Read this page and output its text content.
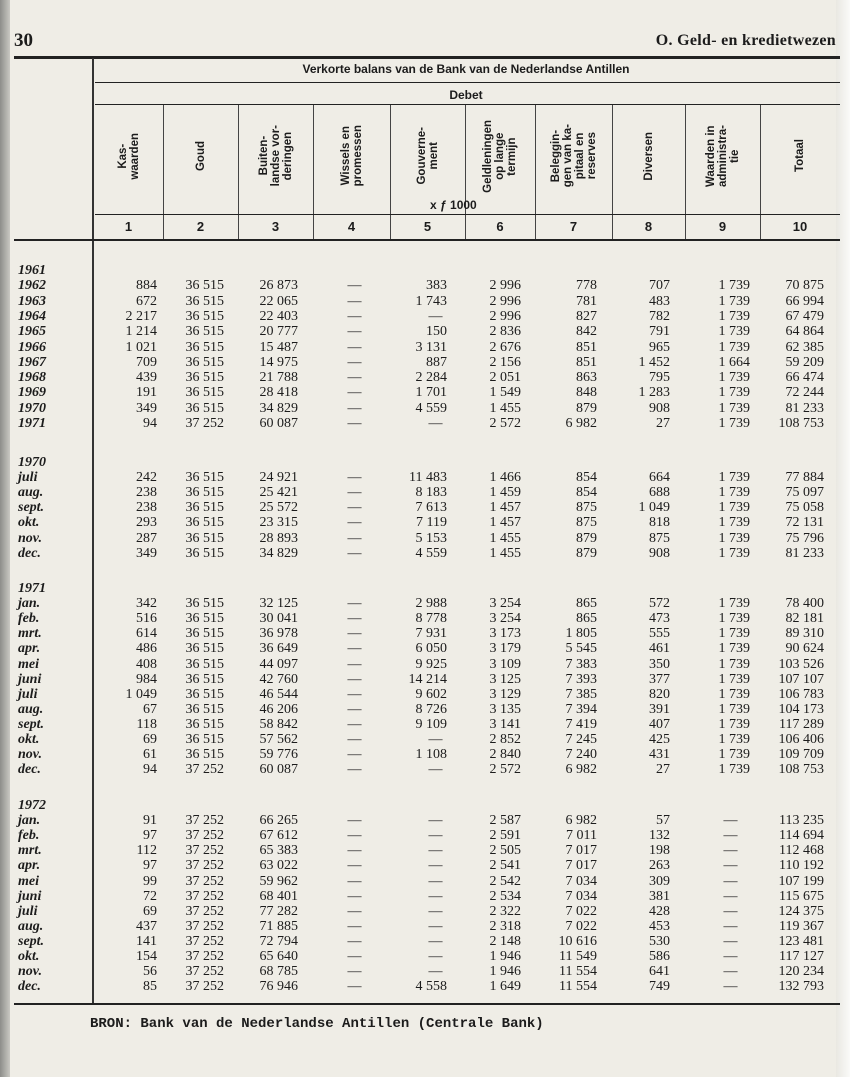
30	O. Geld- en kredietwezen
Verkorte balans van de Bank van de Nederlandse Antillen
Debet
Kas-
waarden
1
Goud
2
Buiten-
landse vor-
deringen
3
Wissels en
promessen
4
Gouverne-
ment
5
Geldleningen
op lange
termijn
6
Beleggin-
gen van ka-
pitaal en
reserves
7
Diversen
8
Waarden in
administra-
tie
9
Totaal
10
x ƒ 1000
1961
1962	884	36 515	26 873	—	383	2 996	778	707	1 739	70 875
1963	672	36 515	22 065	—	1 743	2 996	781	483	1 739	66 994
1964	2 217	36 515	22 403	—	—	2 996	827	782	1 739	67 479
1965	1 214	36 515	20 777	—	150	2 836	842	791	1 739	64 864
1966	1 021	36 515	15 487	—	3 131	2 676	851	965	1 739	62 385
1967	709	36 515	14 975	—	887	2 156	851	1 452	1 664	59 209
1968	439	36 515	21 788	—	2 284	2 051	863	795	1 739	66 474
1969	191	36 515	28 418	—	1 701	1 549	848	1 283	1 739	72 244
1970	349	36 515	34 829	—	4 559	1 455	879	908	1 739	81 233
1971	94	37 252	60 087	—	—	2 572	6 982	27	1 739	108 753
1970
juli	242	36 515	24 921	—	11 483	1 466	854	664	1 739	77 884
aug.	238	36 515	25 421	—	8 183	1 459	854	688	1 739	75 097
sept.	238	36 515	25 572	—	7 613	1 457	875	1 049	1 739	75 058
okt.	293	36 515	23 315	—	7 119	1 457	875	818	1 739	72 131
nov.	287	36 515	28 893	—	5 153	1 455	879	875	1 739	75 796
dec.	349	36 515	34 829	—	4 559	1 455	879	908	1 739	81 233
1971
jan.	342	36 515	32 125	—	2 988	3 254	865	572	1 739	78 400
feb.	516	36 515	30 041	—	8 778	3 254	865	473	1 739	82 181
mrt.	614	36 515	36 978	—	7 931	3 173	1 805	555	1 739	89 310
apr.	486	36 515	36 649	—	6 050	3 179	5 545	461	1 739	90 624
mei	408	36 515	44 097	—	9 925	3 109	7 383	350	1 739	103 526
juni	984	36 515	42 760	—	14 214	3 125	7 393	377	1 739	107 107
juli	1 049	36 515	46 544	—	9 602	3 129	7 385	820	1 739	106 783
aug.	67	36 515	46 206	—	8 726	3 135	7 394	391	1 739	104 173
sept.	118	36 515	58 842	—	9 109	3 141	7 419	407	1 739	117 289
okt.	69	36 515	57 562	—	—	2 852	7 245	425	1 739	106 406
nov.	61	36 515	59 776	—	1 108	2 840	7 240	431	1 739	109 709
dec.	94	37 252	60 087	—	—	2 572	6 982	27	1 739	108 753
1972
jan.	91	37 252	66 265	—	—	2 587	6 982	57	—	113 235
feb.	97	37 252	67 612	—	—	2 591	7 011	132	—	114 694
mrt.	112	37 252	65 383	—	—	2 505	7 017	198	—	112 468
apr.	97	37 252	63 022	—	—	2 541	7 017	263	—	110 192
mei	99	37 252	59 962	—	—	2 542	7 034	309	—	107 199
juni	72	37 252	68 401	—	—	2 534	7 034	381	—	115 675
juli	69	37 252	77 282	—	—	2 322	7 022	428	—	124 375
aug.	437	37 252	71 885	—	—	2 318	7 022	453	—	119 367
sept.	141	37 252	72 794	—	—	2 148	10 616	530	—	123 481
okt.	154	37 252	65 640	—	—	1 946	11 549	586	—	117 127
nov.	56	37 252	68 785	—	—	1 946	11 554	641	—	120 234
dec.	85	37 252	76 946	—	4 558	1 649	11 554	749	—	132 793
BRON: Bank van de Nederlandse Antillen (Centrale Bank)
